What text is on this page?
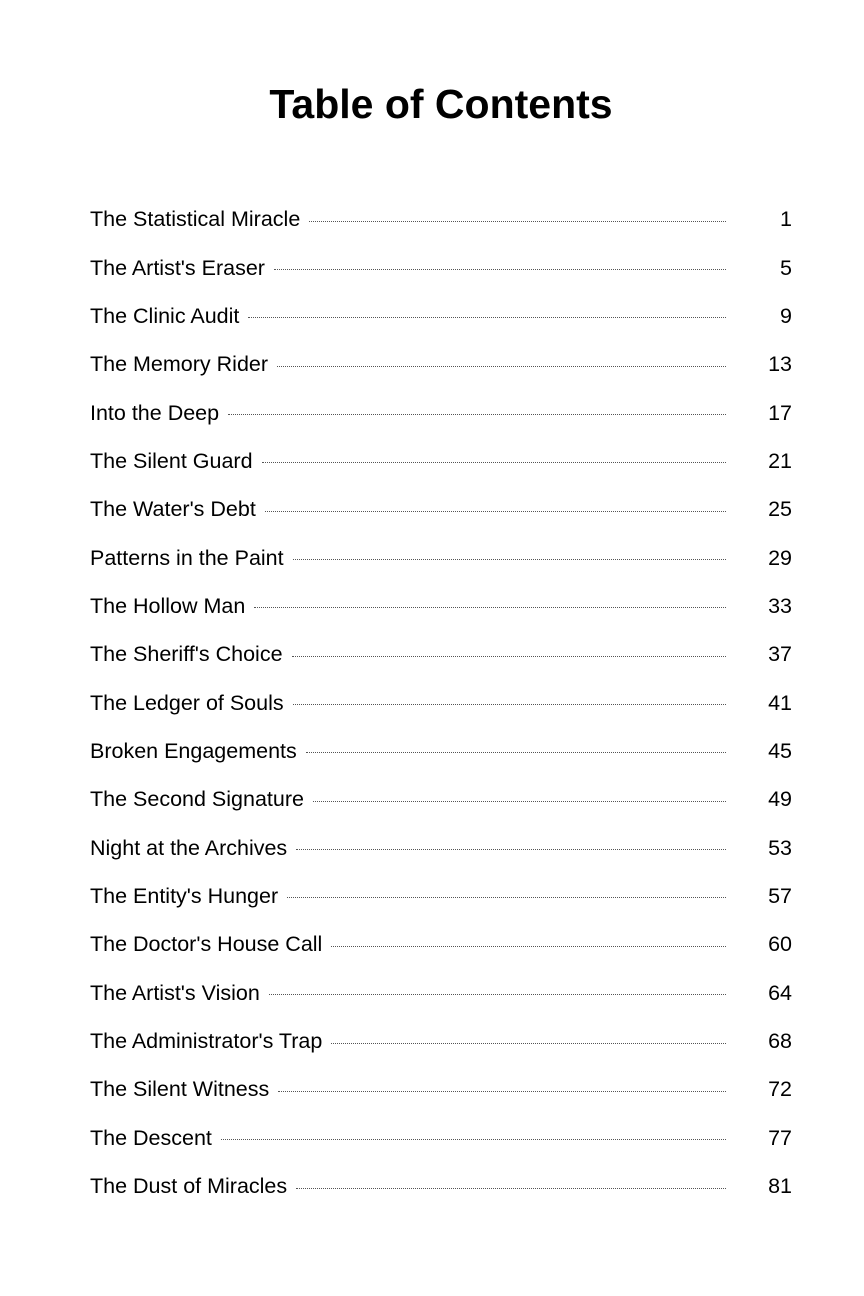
Table of Contents
The Statistical Miracle	1
The Artist's Eraser	5
The Clinic Audit	9
The Memory Rider	13
Into the Deep	17
The Silent Guard	21
The Water's Debt	25
Patterns in the Paint	29
The Hollow Man	33
The Sheriff's Choice	37
The Ledger of Souls	41
Broken Engagements	45
The Second Signature	49
Night at the Archives	53
The Entity's Hunger	57
The Doctor's House Call	60
The Artist's Vision	64
The Administrator's Trap	68
The Silent Witness	72
The Descent	77
The Dust of Miracles	81
